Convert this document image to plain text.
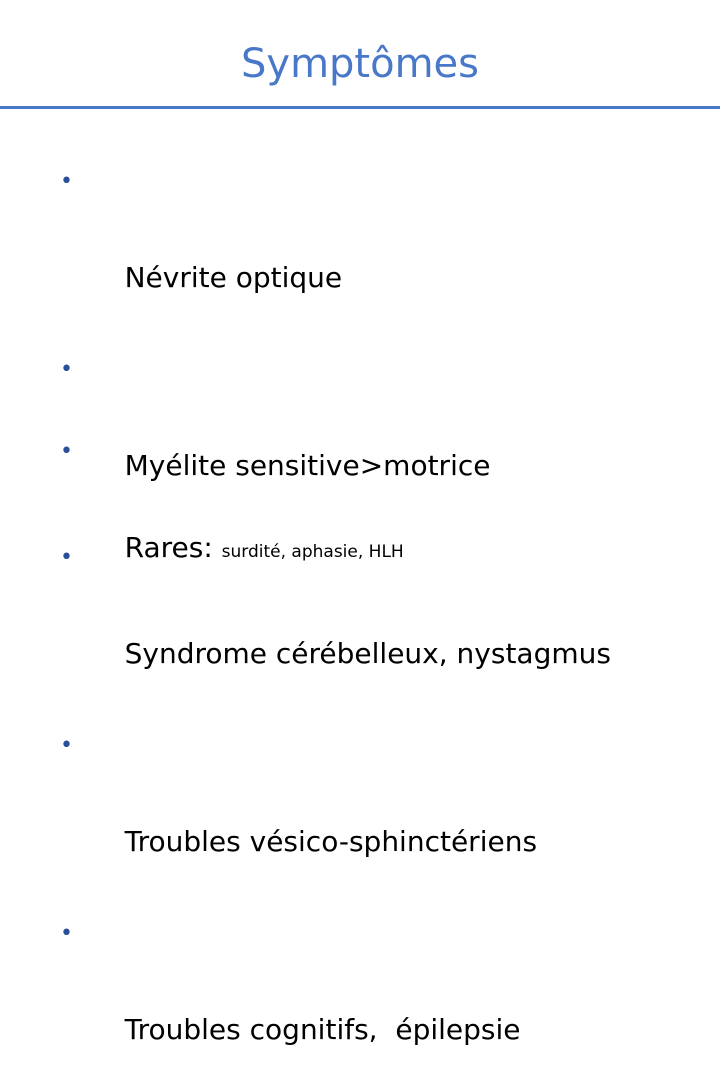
Symptômes

•

Névrite optique

•

Myélite sensitive>motrice

•

Syndrome cérébelleux, nystagmus

•

Troubles vésico-sphinctériens

•

Troubles cognitifs,  épilepsie

•

Rares: surdité, aphasie, HLH
